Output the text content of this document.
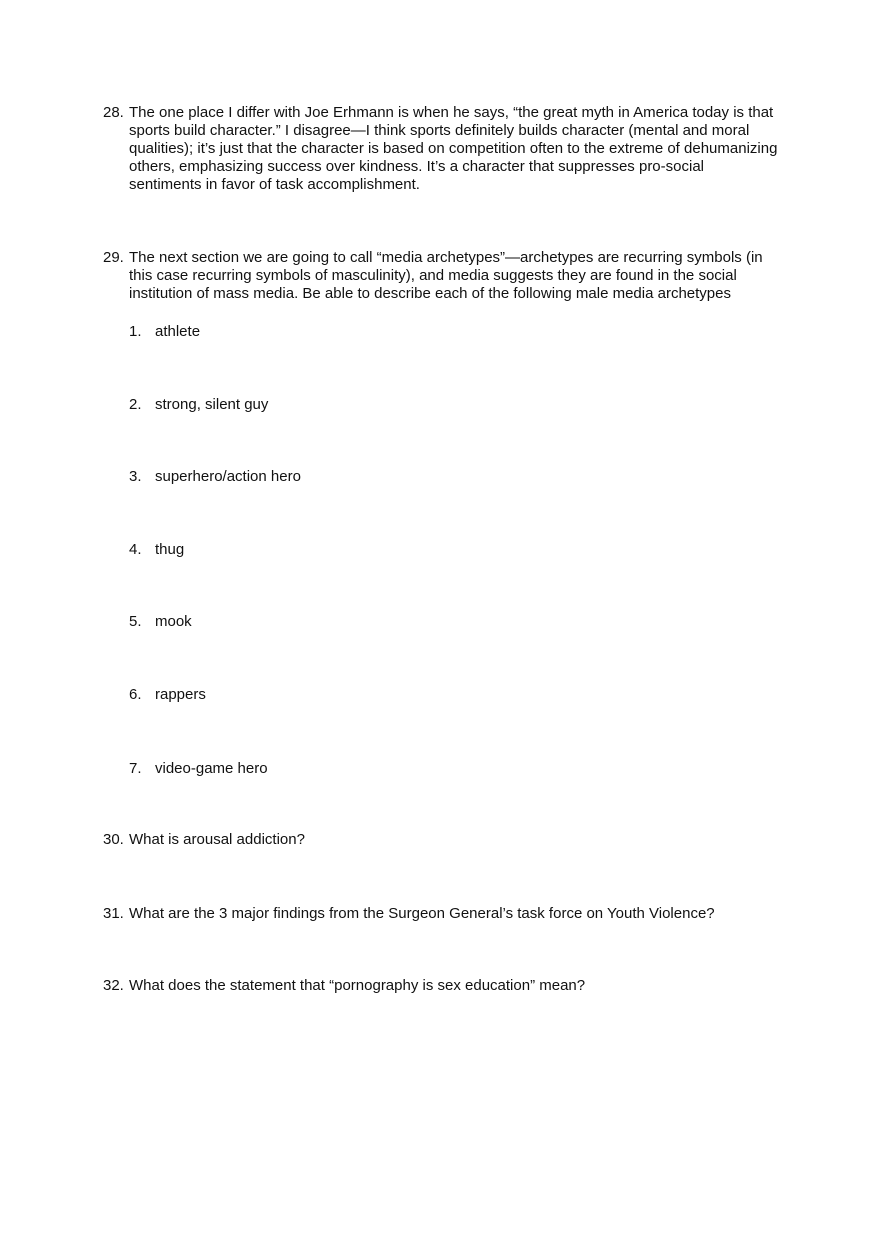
28. The one place I differ with Joe Erhmann is when he says, “the great myth in America today is that sports build character.” I disagree—I think sports definitely builds character (mental and moral qualities); it’s just that the character is based on competition often to the extreme of dehumanizing others, emphasizing success over kindness. It’s a character that suppresses pro-social sentiments in favor of task accomplishment.
29. The next section we are going to call “media archetypes”—archetypes are recurring symbols (in this case recurring symbols of masculinity), and media suggests they are found in the social institution of mass media. Be able to describe each of the following male media archetypes
1. athlete
2. strong, silent guy
3. superhero/action hero
4. thug
5. mook
6. rappers
7. video-game hero
30. What is arousal addiction?
31. What are the 3 major findings from the Surgeon General’s task force on Youth Violence?
32. What does the statement that “pornography is sex education” mean?
